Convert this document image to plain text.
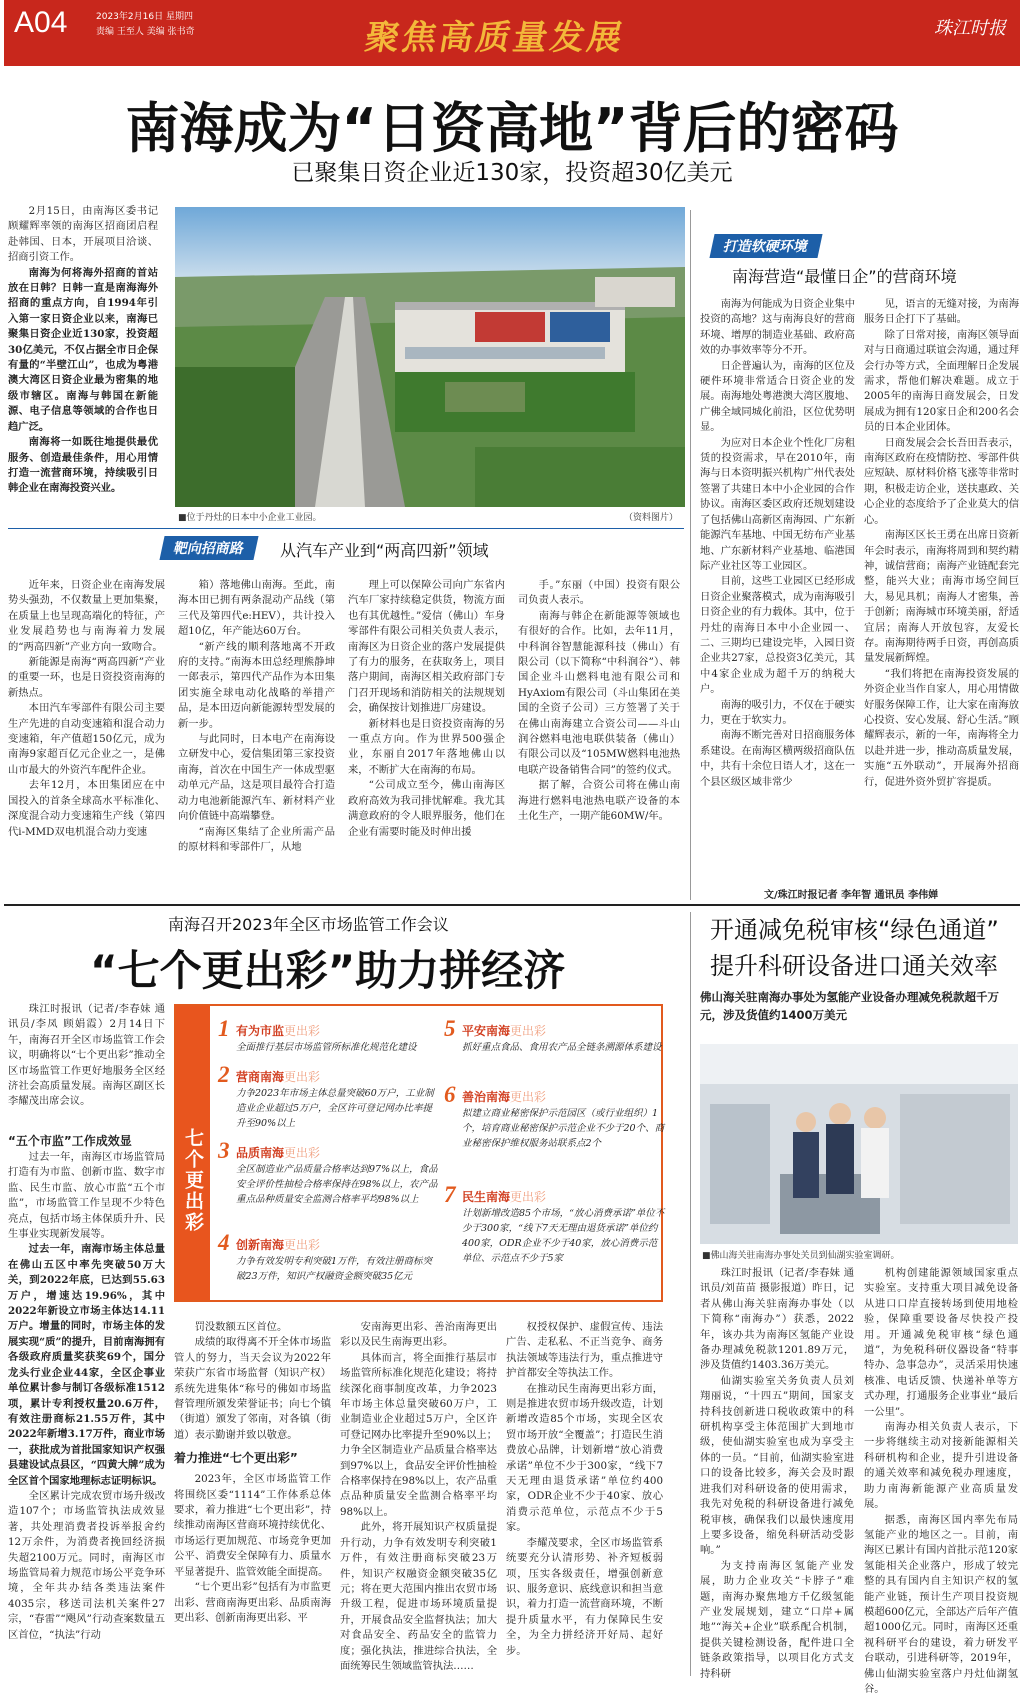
A04	2023年2月16日 星期四
责编 王至人 美编 张书奇	聚焦高质量发展	珠江时报
南海成为“日资高地”背后的密码
已聚集日资企业近130家，投资超30亿美元

2月15日，由南海区委书记顾耀辉率领的南海区招商团启程赴韩国、日本，开展项目洽谈、招商引资工作。

南海为何将海外招商的首站放在日韩？日韩一直是南海海外招商的重点方向，自1994年引入第一家日资企业以来，南海已聚集日资企业近130家，投资超30亿美元，不仅占据全市日企保有量的“半壁江山”，也成为粤港澳大湾区日资企业最为密集的地级市辖区。南海与韩国在新能源、电子信息等领域的合作也日趋广泛。

南海将一如既往地提供最优服务、创造最佳条件，用心用情打造一流营商环境，持续吸引日韩企业在南海投资兴业。

■位于丹灶的日本中小企业工业园。	（资料图片）
靶向招商路	从汽车产业到“两高四新”领域

近年来，日资企业在南海发展势头强劲，不仅数量上更加集聚，在质量上也呈现高端化的特征，产业发展趋势也与南海着力发展的“两高四新”产业方向一致吻合。

新能源是南海“两高四新”产业的重要一环，也是日资投资南海的新热点。

本田汽车零部件有限公司主要生产先进的自动变速箱和混合动力变速箱，年产值超150亿元，成为南海9家超百亿元企业之一，是佛山市最大的外资汽车配件企业。

去年12月，本田集团应在中国投入的首条全球高水平标准化、深度混合动力变速箱生产线（第四代i-MMD双电机混合动力变速

箱）落地佛山南海。至此，南海本田已拥有两条混动产品线（第三代及第四代e:HEV），共计投入超10亿，年产能达60万台。

“新产线的顺利落地离不开政府的支持。”南海本田总经理熊静坤一郎表示，第四代产品作为本田集团实施全球电动化战略的举措产品，是本田迈向新能源转型发展的新一步。

与此同时，日本电产在南海设立研发中心，爱信集团第三家投资南海，首次在中国生产一体成型驱动单元产品，这是项目最符合打造动力电池新能源汽车、新材料产业向价值链中高端攀登。

“南海区集结了企业所需产品的原材料和零部件厂，从地

理上可以保障公司向广东省内汽车厂家持续稳定供货，物流方面也有其优越性。”爱信（佛山）车身零部件有限公司相关负责人表示，南海区为日资企业的落户发展提供了有力的服务，在获取务上，项目落户期间，南海区相关政府部门专门召开现场和消防相关的法规规划会，确保按计划推进厂房建设。

新材料也是日资投资南海的另一重点方向。作为世界500强企业，东丽自2017年落地佛山以来，不断扩大在南海的布局。

“公司成立至今，佛山南海区政府高效为我司排忧解难。我尤其满意政府的令人眼界服务，他们在企业有需要时能及时伸出援

手。”东丽（中国）投资有限公司负责人表示。

南海与韩企在新能源等领域也有很好的合作。比如，去年11月，中科润谷智慧能源科技（佛山）有限公司（以下简称“中科润谷”）、韩国企业斗山燃料电池有限公司和HyAxiom有限公司（斗山集团在美国的全资子公司）三方签署了关于在佛山南海建立合资公司——斗山润谷燃料电池电联供装备（佛山）有限公司以及“105MW燃料电池热电联产设备销售合同”的签约仪式。

据了解，合资公司将在佛山南海进行燃料电池热电联产设备的本土化生产，一期产能60MW/年。

打造软硬环境
南海营造“最懂日企”的营商环境

南海为何能成为日资企业集中投资的高地？这与南海良好的营商环境、增厚的制造业基础、政府高效的办事效率等分不开。

日企普遍认为，南海的区位及硬件环境非常适合日资企业的发展。南海地处粤港澳大湾区腹地、广佛全域同城化前沿，区位优势明显。

为应对日本企业个性化厂房租赁的投资需求，早在2010年，南海与日本资明振兴机构广州代表处签署了共建日本中小企业园的合作协议。南海区委区政府还规划建设了包括佛山高新区南海园、广东新能源汽车基地、中国无纺布产业基地、广东新材料产业基地、临港国际产业社区等工业园区。

目前，这些工业园区已经形成日资企业聚落模式，成为南海吸引日资企业的有力载体。其中，位于丹灶的南海日本中小企业园一、二、三期均已建设完毕，入园日资企业共27家，总投资3亿美元，其中4家企业成为超千万的纳税大户。

南海的吸引力，不仅在于硬实力，更在于软实力。

南海不断完善对日招商服务体系建设。在南海区横两级招商队伍中，共有十余位日语人才，这在一个县区级区域非常少

见，语言的无缝对接，为南海服务日企打下了基础。

除了日常对接，南海区领导面对与日商通过联谊会沟通，通过拜会行办等方式，全面理解日企发展需求，帮他们解决难题。成立于2005年的南海日商发展会，日发展成为拥有120家日企和200名会员的日本企业团体。

日商发展会会长吾田吾表示，南海区政府在疫情防控、零部件供应短缺、原材料价格飞涨等非常时期，积极走访企业，送扶惠政、关心企业的态度给予了企业莫大的信心。

南海区区长王勇在出席日资新年会时表示，南海将周到和契约精神，诚信营商；南海产业链配套完整，能兴大业；南海市场空间巨大，易见具机；南海人才密集，善于创新；南海城市环境美丽，舒适宜居；南海人开放包容，友爱长存。南海期待两手日资，再创高质量发展新辉煌。

“我们将把在南海投资发展的外资企业当作自家人，用心用情做好服务保障工作，让大家在南海放心投资、安心发展、舒心生活。”顾耀辉表示，新的一年，南海将全力以赴并进一步，推动高质量发展，实施“五外联动”，开展海外招商行，促进外资外贸扩容提质。

文/珠江时报记者 李年智 通讯员 李伟婵
南海召开2023年全区市场监管工作会议
“七个更出彩”助力拼经济

珠江时报讯（记者/李春妹 通讯员/李凤 顾娟霞）2月14日下午，南海召开全区市场监管工作会议，明确将以“七个更出彩”推动全区市场监管工作更好地服务全区经济社会高质量发展。南海区副区长李耀茂出席会议。

“五个市监”工作成效显

过去一年，南海区市场监管局打造有为市监、创新市监、数字市监、民生市监、放心市监“五个市监”，市场监管工作呈现不少特色亮点，包括市场主体保质升升、民生事业实现新发展等。

过去一年，南海市场主体总量在佛山五区中率先突破50万大关，到2022年底，已达到55.63万户，增速达19.96%，其中2022年新设立市场主体达14.11万户。增量的同时，市场主体的发展实现“质”的提升，目前南海拥有各级政府质量奖获奖69个，国分龙头行业企业44家，全区企事业单位累计参与制订各级标准1512项，累计专利授权量20.6万件，有效注册商标21.55万件，其中2022年新增3.17万件，商业市场一，获批成为首批国家知识产权强县建设试点县区，“四黄大牌”成为全区首个国家地理标志证明标识。

全区累计完成农贸市场升级改造107个；市场监管执法成效显著，共处理消费者投诉举报舍约12万余件，为消费者挽回经济损失超2100万元。同时，南海区市场监管局着力规范市场公平竞争环境，全年共办结各类违法案件4035宗，移送司法机关案件27宗，“春雷”“飓风”行动查案数量五区首位，“执法”行动

七个更出彩
1 有为市监更出彩
全面推行基层市场监管所标准化规范化建设
2 营商南海更出彩
力争2023年市场主体总量突破60万户，工业制造业企业超过5万户，全区许可登记网办比率提升至90%以上
3 品质南海更出彩
全区制造业产品质量合格率达到97%以上，食品安全评价性抽检合格率保持在98%以上，农产品重点品种质量安全监测合格率平均98%以上
4 创新南海更出彩
力争有效发明专利突破1万件，有效注册商标突破23万件，知识产权融资金额突破35亿元
5 平安南海更出彩
抓好重点食品、食用农产品全链条溯源体系建设
6 善治南海更出彩
拟建立商业秘密保护示范园区（或行业组织）1个，培育商业秘密保护示范企业不少于20个、商业秘密保护维权服务站联系点2个
7 民生南海更出彩
计划新增改造85个市场，“放心消费承诺”单位不少于300家，“线下7天无理由退货承诺”单位约400家，ODR企业不少于40家，放心消费示范单位、示范点不少于5家

罚没数额五区首位。

成绩的取得离不开全体市场监管人的努力，当天会议为2022年荣获广东省市场监督（知识产权）系统先进集体“称号的佛如市场监督管理所颁发荣誉证书；向七个镇（街道）颁发了邻南，对各镇（街道）表示勤谢并致以敬意。

着力推进“七个更出彩”

2023年，全区市场监管工作将围绕区委“1114”工作体系总体要求，着力推进“七个更出彩”，持续推动南海区营商环境持续优化、市场运行更加规范、市场竞争更加公平、消费安全保障有力、质量水平显著提升、监管效能全面提高。

“七个更出彩”包括有为市监更出彩、营商南海更出彩、品质南海更出彩、创新南海更出彩、平

安南海更出彩、善治南海更出彩以及民生南海更出彩。

具体而言，将全面推行基层市场监管所标准化规范化建设；将持续深化商事制度改革，力争2023年市场主体总量突破60万户，工业制造业企业超过5万户，全区许可登记网办比率提升至90%以上；力争全区制造业产品质量合格率达到97%以上，食品安全评价性抽检合格率保持在98%以上，农产品重点品种质量安全监测合格率平均98%以上。

此外，将开展知识产权质量提升行动，力争有效发明专利突破1万件，有效注册商标突破23万件，知识产权融资金额突破35亿元；将在更大范围内推出农贸市场升级工程，促进市场环境质量提升，开展食品安全监督执法；加大对食品安全、药品安全的监管力度；强化执法，推进综合执法，全面统筹民生领域监管执法……

权授权保护、虚假宣传、违法广告、走私私、不正当竞争、商务执法领域等违法行为，重点推进守护首都安全等执法工作。

在推动民生南海更出彩方面，则是推进农贸市场升级改造，计划新增改造85个市场，实现全区农贸市场开放“全覆盖”；打造民生消费放心品牌，计划新增“放心消费承诺”单位不少于300家，“线下7天无理由退货承诺”单位约400家，ODR企业不少于40家、放心消费示范单位，示范点不少于5家。

李耀茂要求，全区市场监管系统要充分认清形势、补齐短板弱项，压实各级责任，增强创新意识、服务意识、底线意识和担当意识，着力打造一流营商环境，不断提升质量水平，有力保障民生安全，为全力拼经济开好局、起好步。

开通减免税审核“绿色通道”
提升科研设备进口通关效率
佛山海关驻南海办事处为氢能产业设备办理减免税款超千万元，涉及货值约1400万美元
■佛山海关驻南海办事处关员到仙湖实验室调研。

珠江时报讯（记者/李春妹 通讯员/刘苗苗 摄影报道）昨日，记者从佛山海关驻南海办事处（以下简称“南海办”）获悉，2022年，该办共为南海区氢能产业设备办理减免税款1201.89万元，涉及货值约1403.36万美元。

仙湖实验室关务负责人员刘翔丽说，“十四五”期间，国家支持科技创新进口税收政策中的科研机构享受主体范围扩大到地市级，使仙湖实验室也成为享受主体的一员。“目前，仙湖实验室进口的设备比较多，海关会及时跟进我们对科研设备的使用需求，我先对免税的科研设备进行减免税审核，确保我们以最快速度用上要多设备，缩免科研活动受影响。”

为支持南海区氢能产业发展，助力企业攻关“卡脖子”难题，南海办聚焦地方千亿级氢能产业发展规划，建立“口岸+属地”“海关+企业”联系配合机制，提供关键检测设备，配件进口全链条政策指导，以项目化方式支持科研

机构创建能源领域国家重点实验室。支持重大项目减免设备从进口口岸直接转场到使用地检验，保障重要设备尽快投产投用。开通减免税审核“绿色通道”，为免税科研仪器设备“特事特办、急事急办”，灵活采用快速核准、电话反馈、快递补单等方式办理，打通服务企业事业“最后一公里”。

南海办相关负责人表示，下一步将继续主动对接新能源相关科研机构和企业，提升引进设备的通关效率和减免税办理速度，助力南海新能源产业高质量发展。

据悉，南海区国内率先布局氢能产业的地区之一。目前，南海区已累计有国内首批示范120家氢能相关企业落户，形成了较完整的具有国内自主知识产权的氢能产业链，预计生产项目投资规模超600亿元，全部达产后年产值超1000亿元。同时，南海区还重视科研平台的建设，着力研发平台联动，引进科研等，2019年，佛山仙湖实验室落户丹灶仙湖氢谷。
